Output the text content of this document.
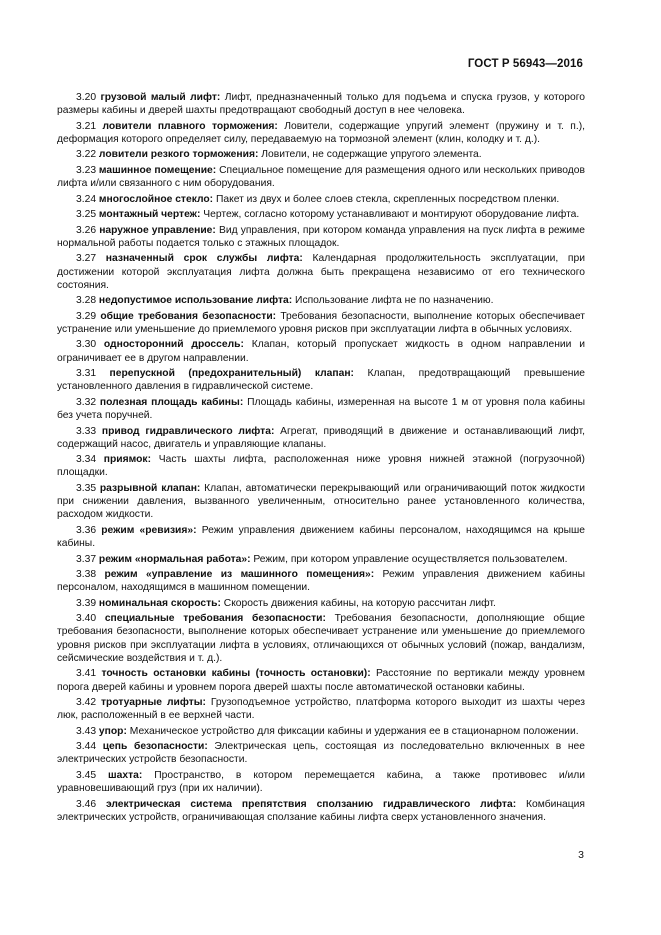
ГОСТ Р 56943—2016

3.20 грузовой малый лифт: Лифт, предназначенный только для подъема и спуска грузов, у которого размеры кабины и дверей шахты предотвращают свободный доступ в нее человека.

3.21 ловители плавного торможения: Ловители, содержащие упругий элемент (пружину и т. п.), деформация которого определяет силу, передаваемую на тормозной элемент (клин, колодку и т. д.).

3.22 ловители резкого торможения: Ловители, не содержащие упругого элемента.

3.23 машинное помещение: Специальное помещение для размещения одного или нескольких приводов лифта и/или связанного с ним оборудования.

3.24 многослойное стекло: Пакет из двух и более слоев стекла, скрепленных посредством пленки.

3.25 монтажный чертеж: Чертеж, согласно которому устанавливают и монтируют оборудование лифта.

3.26 наружное управление: Вид управления, при котором команда управления на пуск лифта в режиме нормальной работы подается только с этажных площадок.

3.27 назначенный срок службы лифта: Календарная продолжительность эксплуатации, при достижении которой эксплуатация лифта должна быть прекращена независимо от его технического состояния.

3.28 недопустимое использование лифта: Использование лифта не по назначению.

3.29 общие требования безопасности: Требования безопасности, выполнение которых обеспечивает устранение или уменьшение до приемлемого уровня рисков при эксплуатации лифта в обычных условиях.

3.30 односторонний дроссель: Клапан, который пропускает жидкость в одном направлении и ограничивает ее в другом направлении.

3.31 перепускной (предохранительный) клапан: Клапан, предотвращающий превышение установленного давления в гидравлической системе.

3.32 полезная площадь кабины: Площадь кабины, измеренная на высоте 1 м от уровня пола кабины без учета поручней.

3.33 привод гидравлического лифта: Агрегат, приводящий в движение и останавливающий лифт, содержащий насос, двигатель и управляющие клапаны.

3.34 приямок: Часть шахты лифта, расположенная ниже уровня нижней этажной (погрузочной) площадки.

3.35 разрывной клапан: Клапан, автоматически перекрывающий или ограничивающий поток жидкости при снижении давления, вызванного увеличенным, относительно ранее установленного количества, расходом жидкости.

3.36 режим «ревизия»: Режим управления движением кабины персоналом, находящимся на крыше кабины.

3.37 режим «нормальная работа»: Режим, при котором управление осуществляется пользователем.

3.38 режим «управление из машинного помещения»: Режим управления движением кабины персоналом, находящимся в машинном помещении.

3.39 номинальная скорость: Скорость движения кабины, на которую рассчитан лифт.

3.40 специальные требования безопасности: Требования безопасности, дополняющие общие требования безопасности, выполнение которых обеспечивает устранение или уменьшение до приемлемого уровня рисков при эксплуатации лифта в условиях, отличающихся от обычных условий (пожар, вандализм, сейсмические воздействия и т. д.).

3.41 точность остановки кабины (точность остановки): Расстояние по вертикали между уровнем порога дверей кабины и уровнем порога дверей шахты после автоматической остановки кабины.

3.42 тротуарные лифты: Грузоподъемное устройство, платформа которого выходит из шахты через люк, расположенный в ее верхней части.

3.43 упор: Механическое устройство для фиксации кабины и удержания ее в стационарном положении.

3.44 цепь безопасности: Электрическая цепь, состоящая из последовательно включенных в нее электрических устройств безопасности.

3.45 шахта: Пространство, в котором перемещается кабина, а также противовес и/или уравновешивающий груз (при их наличии).

3.46 электрическая система препятствия сползанию гидравлического лифта: Комбинация электрических устройств, ограничивающая сползание кабины лифта сверх установленного значения.

3
